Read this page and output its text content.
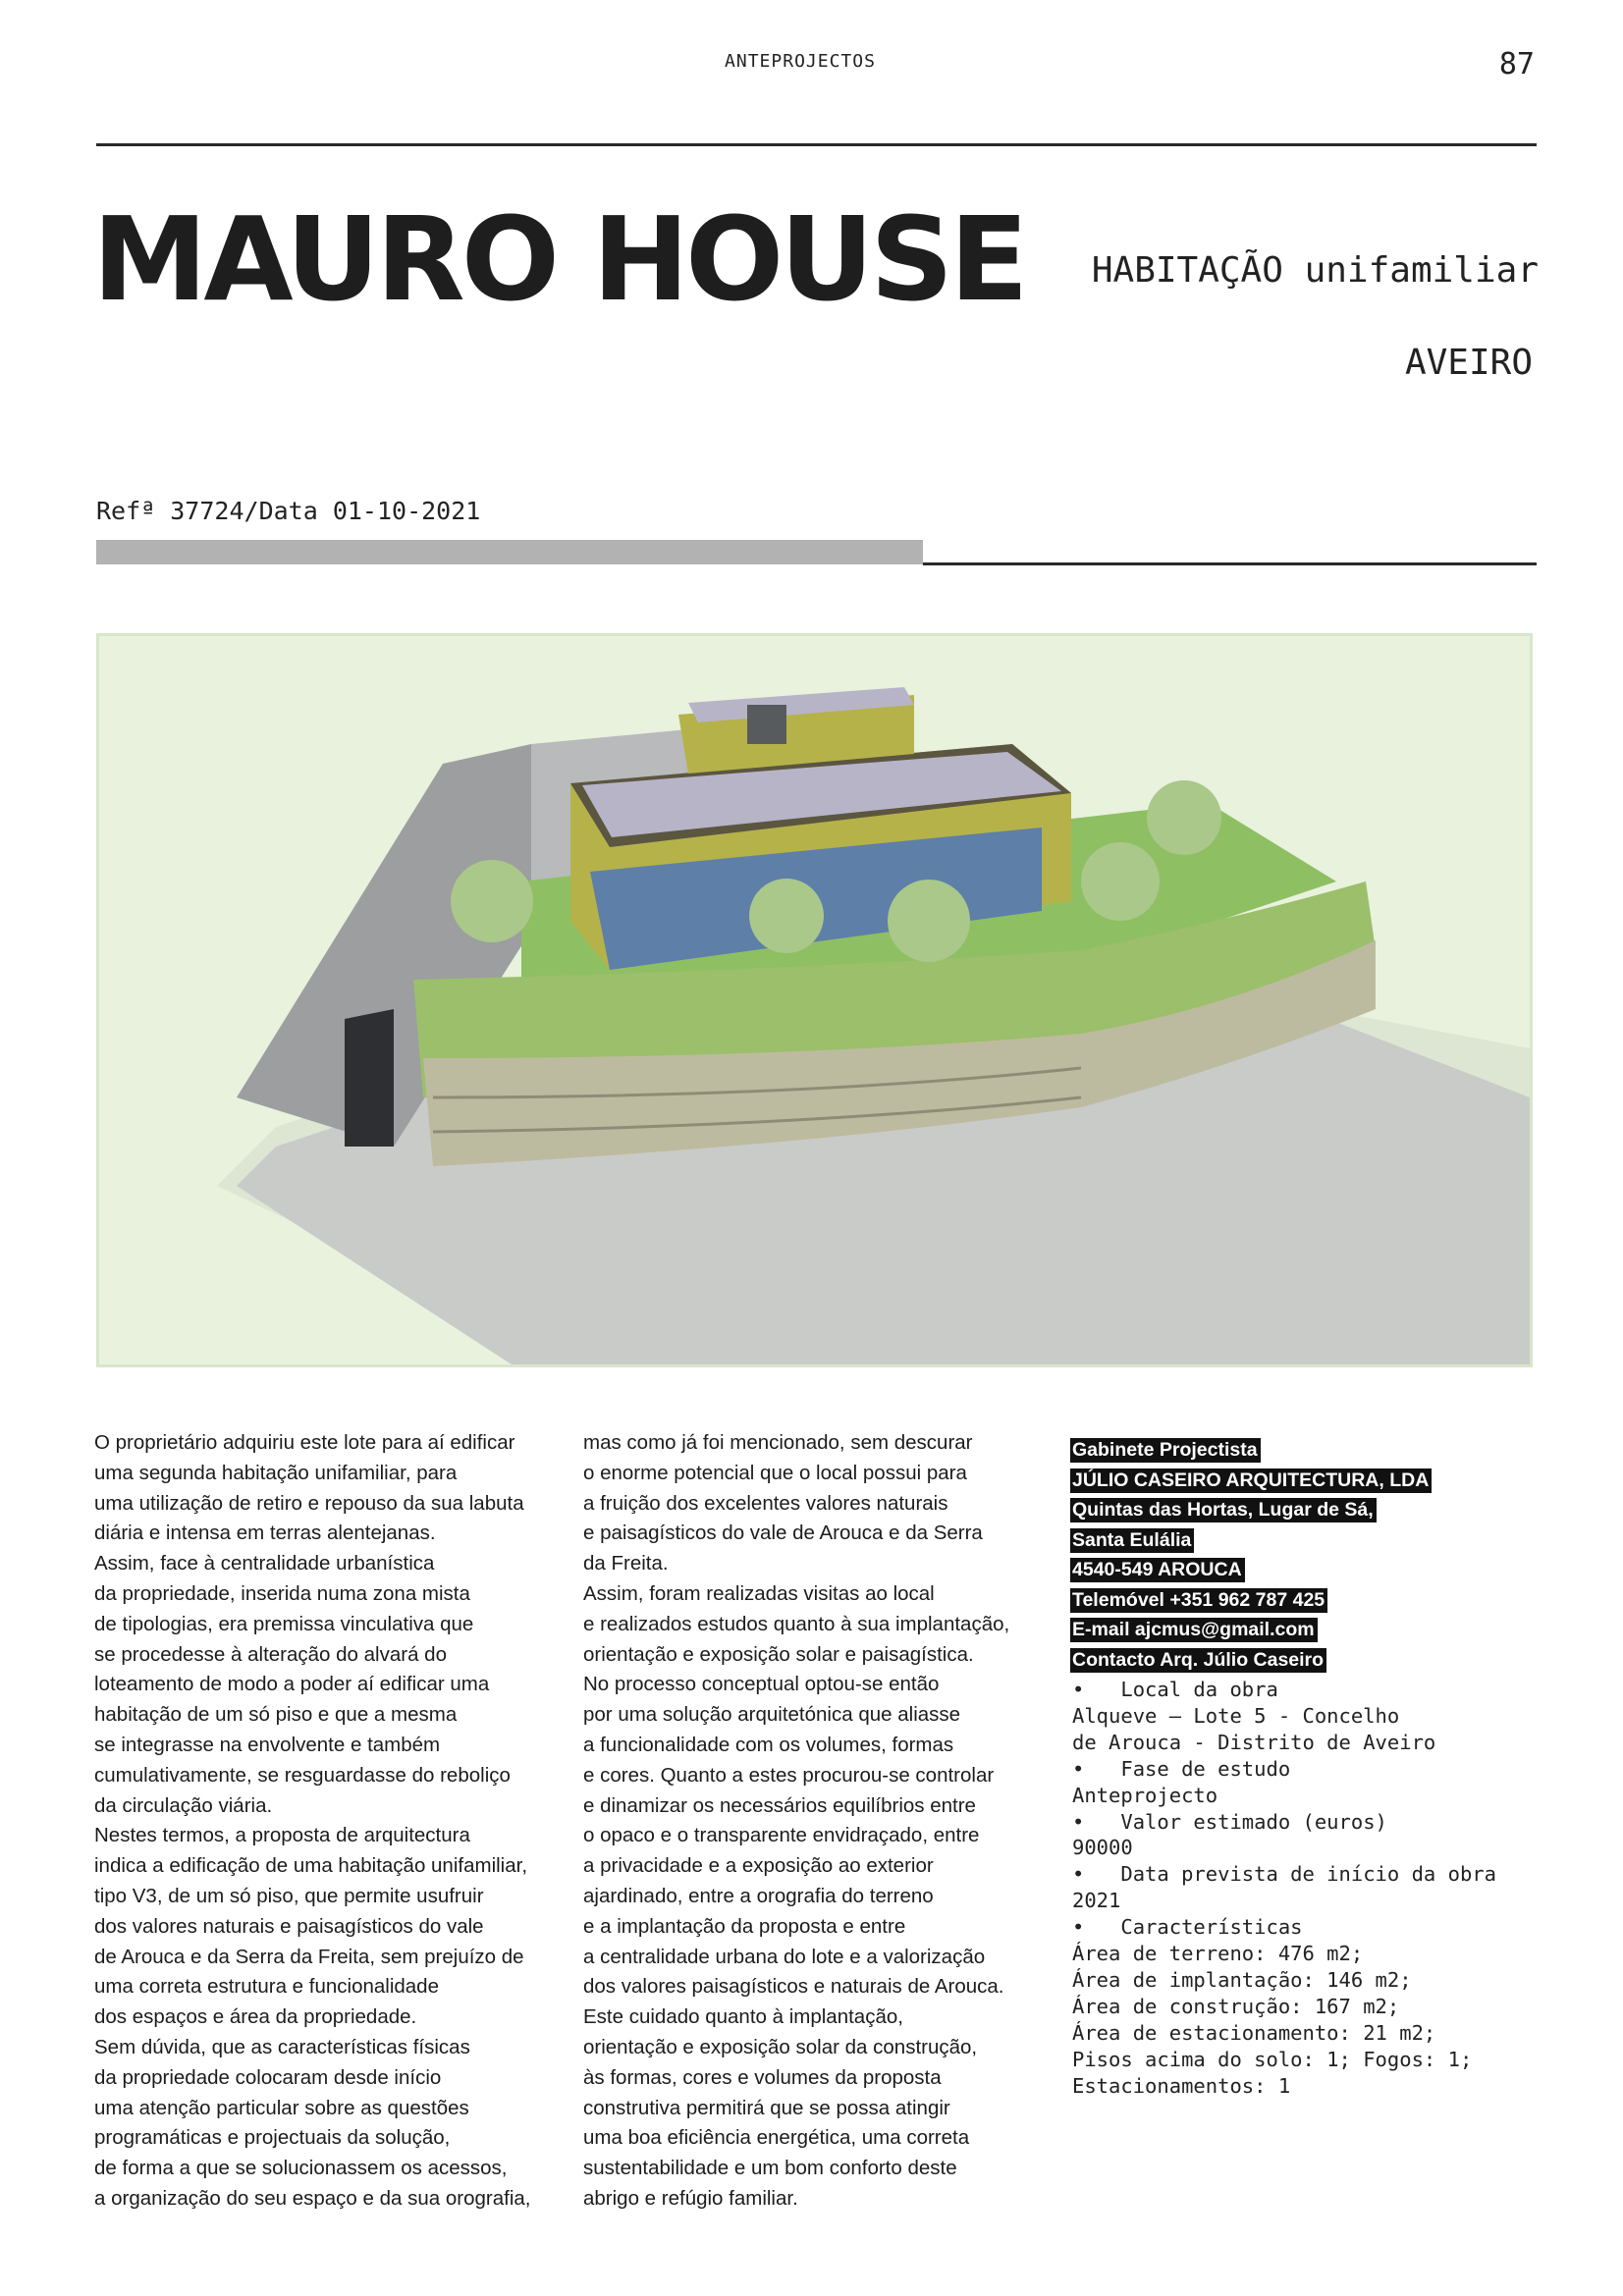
ANTEPROJECTOS	87
MAURO HOUSE HABITAÇÃO unifamiliar
AVEIRO
Refª 37724/Data 01-10-2021

O proprietário adquiriu este lote para aí edificar

uma segunda habitação unifamiliar, para

uma utilização de retiro e repouso da sua labuta

diária e intensa em terras alentejanas.

Assim, face à centralidade urbanística

da propriedade, inserida numa zona mista

de tipologias, era premissa vinculativa que

se procedesse à alteração do alvará do

loteamento de modo a poder aí edificar uma

habitação de um só piso e que a mesma

se integrasse na envolvente e também

cumulativamente, se resguardasse do reboliço

da circulação viária.

Nestes termos, a proposta de arquitectura

indica a edificação de uma habitação unifamiliar,

tipo V3, de um só piso, que permite usufruir

dos valores naturais e paisagísticos do vale

de Arouca e da Serra da Freita, sem prejuízo de

uma correta estrutura e funcionalidade

dos espaços e área da propriedade.

Sem dúvida, que as características físicas

da propriedade colocaram desde início

uma atenção particular sobre as questões

programáticas e projectuais da solução,

de forma a que se solucionassem os acessos,

a organização do seu espaço e da sua orografia,

mas como já foi mencionado, sem descurar

o enorme potencial que o local possui para

a fruição dos excelentes valores naturais

e paisagísticos do vale de Arouca e da Serra

da Freita.

Assim, foram realizadas visitas ao local

e realizados estudos quanto à sua implantação,

orientação e exposição solar e paisagística.

No processo conceptual optou-se então

por uma solução arquitetónica que aliasse

a funcionalidade com os volumes, formas

e cores. Quanto a estes procurou-se controlar

e dinamizar os necessários equilíbrios entre

o opaco e o transparente envidraçado, entre

a privacidade e a exposição ao exterior

ajardinado, entre a orografia do terreno

e a implantação da proposta e entre

a centralidade urbana do lote e a valorização

dos valores paisagísticos e naturais de Arouca.

Este cuidado quanto à implantação,

orientação e exposição solar da construção,

às formas, cores e volumes da proposta

construtiva permitirá que se possa atingir

uma boa eficiência energética, uma correta

sustentabilidade e um bom conforto deste

abrigo e refúgio familiar.

Gabinete Projectista

JÚLIO CASEIRO ARQUITECTURA, LDA

Quintas das Hortas, Lugar de Sá,

Santa Eulália

4540-549 AROUCA

Telemóvel +351 962 787 425

E-mail ajcmus@gmail.com

Contacto Arq. Júlio Caseiro

•   Local da obra
Alqueve – Lote 5 - Concelho
de Arouca - Distrito de Aveiro
•   Fase de estudo
Anteprojecto
•   Valor estimado (euros)
90000
•   Data prevista de início da obra
2021
•   Características
Área de terreno: 476 m2;
Área de implantação: 146 m2;
Área de construção: 167 m2;
Área de estacionamento: 21 m2;
Pisos acima do solo: 1; Fogos: 1;
Estacionamentos: 1
